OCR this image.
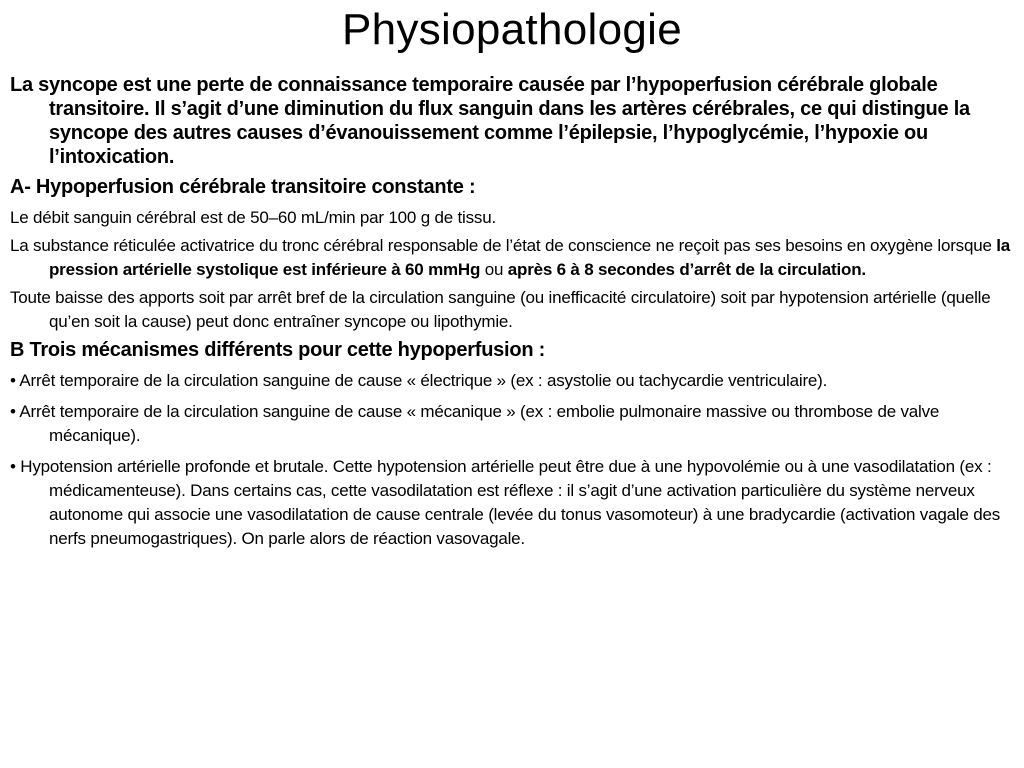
Physiopathologie

La syncope est une perte de connaissance temporaire causée par l’hypoperfusion cérébrale globale transitoire. Il s’agit d’une diminution du flux sanguin dans les artères cérébrales, ce qui distingue la syncope des autres causes d’évanouissement comme l’épilepsie, l’hypoglycémie, l’hypoxie ou l’intoxication.

A- Hypoperfusion cérébrale transitoire constante :

Le débit sanguin cérébral est de 50–60 mL/min par 100 g de tissu.

La substance réticulée activatrice du tronc cérébral responsable de l’état de conscience ne reçoit pas ses besoins en oxygène lorsque la pression artérielle systolique est inférieure à 60 mmHg ou après 6 à 8 secondes d’arrêt de la circulation.

Toute baisse des apports soit par arrêt bref de la circulation sanguine (ou inefficacité circulatoire) soit par hypotension artérielle (quelle qu’en soit la cause) peut donc entraîner syncope ou lipothymie.

B Trois mécanismes différents pour cette hypoperfusion :

• Arrêt temporaire de la circulation sanguine de cause « électrique » (ex : asystolie ou tachycardie ventriculaire).

• Arrêt temporaire de la circulation sanguine de cause « mécanique » (ex : embolie pulmonaire massive ou thrombose de valve mécanique).

• Hypotension artérielle profonde et brutale. Cette hypotension artérielle peut être due à une hypovolémie ou à une vasodilatation (ex : médicamenteuse). Dans certains cas, cette vasodilatation est réflexe : il s’agit d’une activation particulière du système nerveux autonome qui associe une vasodilatation de cause centrale (levée du tonus vasomoteur) à une bradycardie (activation vagale des nerfs pneumogastriques). On parle alors de réaction vasovagale.
